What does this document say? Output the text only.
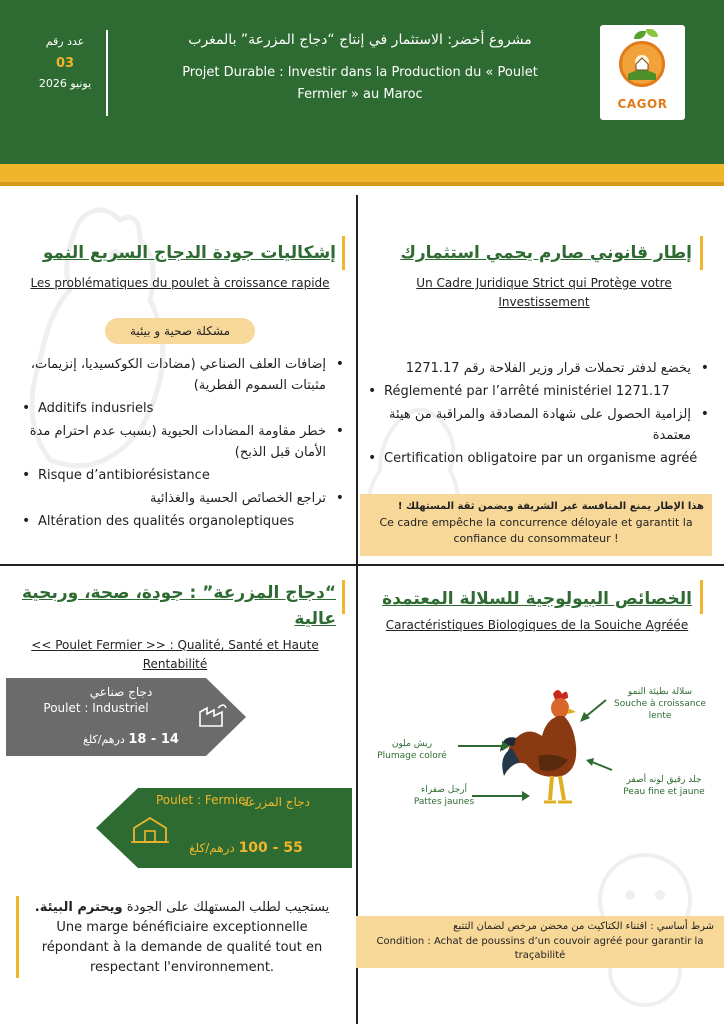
عدد رقم
03
يونيو 2026
مشروع أخضر: الاستثمار في إنتاج “دجاج المزرعة” بالمغرب
Projet Durable : Investir dans la Production du « Poulet Fermier » au Maroc
CAGOR
إطار قانوني صارم يحمي استثمارك
Un Cadre Juridique Strict qui Protège votre Investissement
• يخضع لدفتر تحملات قرار وزير الفلاحة رقم 1271.17
• Réglementé par l’arrêté ministériel 1271.17
• إلزامية الحصول على شهادة المصادقة والمراقبة من هيئة معتمدة
• Certification obligatoire par un organisme agréé
هذا الإطار يمنع المنافسة غير الشريفة ويضمن ثقة المستهلك !
Ce cadre empêche la concurrence déloyale et garantit la confiance du consommateur !
إشكاليات جودة الدجاج السريع النمو
Les problématiques du poulet à croissance rapide
مشكلة صحية و بيئية
• إضافات العلف الصناعي (مضادات الكوكسيديا، إنزيمات، مثبتات السموم الفطرية)
• Additifs indusriels
• خطر مقاومة المضادات الحيوية (بسبب عدم احترام مدة الأمان قبل الذبح)
• Risque d’antibiorésistance
• تراجع الخصائص الحسية والغذائية
• Altération des qualités organoleptiques
“دجاج المزرعة” : جودة، صحة، وربحية عالية
<< Poulet Fermier >> : Qualité, Santé et Haute Rentabilité
دجاج صناعي
Poulet : Industriel
14 - 18 درهم/كلغ
دجاج المزرعة
Poulet : Fermier
55 - 100 درهم/كلغ
يستجيب لطلب المستهلك على الجودة ويحترم البيئة.
Une marge bénéficiaire exceptionnelle répondant à la demande de qualité tout en respectant l'environnement.
الخصائص البيولوجية للسلالة المعتمدة
Caractéristiques Biologiques de la Souiche Agréée
سلالة بطيئة النمو
Souche à croissance lente
ريش ملون
Plumage coloré
أرجل صفراء
Pattes jaunes
جلد رقيق لونه أصفر
Peau fine et jaune
شرط أساسي : اقتناء الكتاكيت من محضن مرخص لضمان التتبع
Condition : Achat de poussins d’un couvoir agréé pour garantir la traçabilité
